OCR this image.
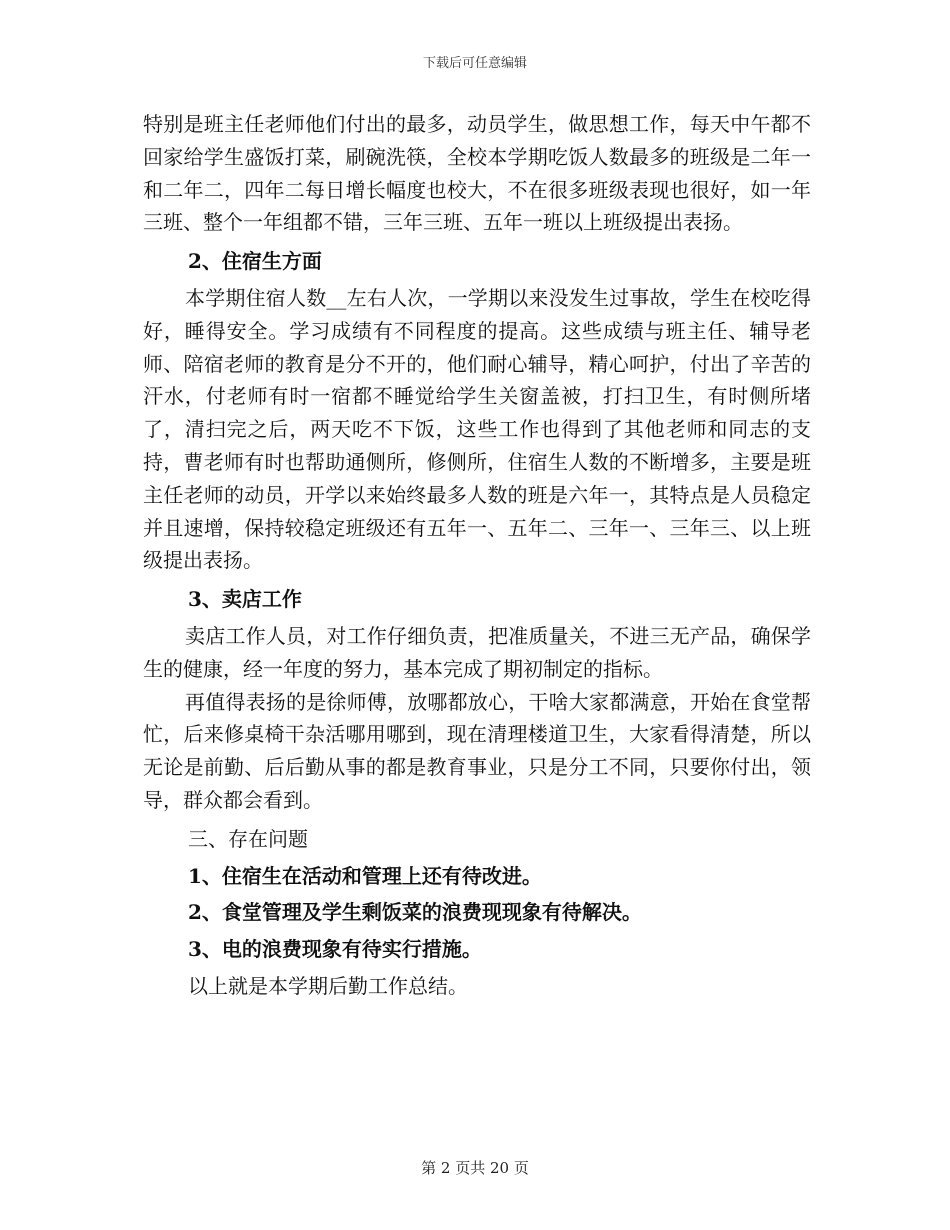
下载后可任意编辑

特别是班主任老师他们付出的最多，动员学生，做思想工作，每天中午都不回家给学生盛饭打菜，刷碗洗筷，全校本学期吃饭人数最多的班级是二年一和二年二，四年二每日增长幅度也校大，不在很多班级表现也很好，如一年三班、整个一年组都不错，三年三班、五年一班以上班级提出表扬。

2、住宿生方面

本学期住宿人数__左右人次，一学期以来没发生过事故，学生在校吃得好，睡得安全。学习成绩有不同程度的提高。这些成绩与班主任、辅导老师、陪宿老师的教育是分不开的，他们耐心辅导，精心呵护，付出了辛苦的汗水，付老师有时一宿都不睡觉给学生关窗盖被，打扫卫生，有时侧所堵了，清扫完之后，两天吃不下饭，这些工作也得到了其他老师和同志的支持，曹老师有时也帮助通侧所，修侧所，住宿生人数的不断增多，主要是班主任老师的动员，开学以来始终最多人数的班是六年一，其特点是人员稳定并且速增，保持较稳定班级还有五年一、五年二、三年一、三年三、以上班级提出表扬。

3、卖店工作

卖店工作人员，对工作仔细负责，把准质量关，不进三无产品，确保学生的健康，经一年度的努力，基本完成了期初制定的指标。

再值得表扬的是徐师傅，放哪都放心，干啥大家都满意，开始在食堂帮忙，后来修桌椅干杂活哪用哪到，现在清理楼道卫生，大家看得清楚，所以无论是前勤、后后勤从事的都是教育事业，只是分工不同，只要你付出，领导，群众都会看到。

三、存在问题

1、住宿生在活动和管理上还有待改进。

2、食堂管理及学生剩饭菜的浪费现现象有待解决。

3、电的浪费现象有待实行措施。

以上就是本学期后勤工作总结。

第 2 页共 20 页
